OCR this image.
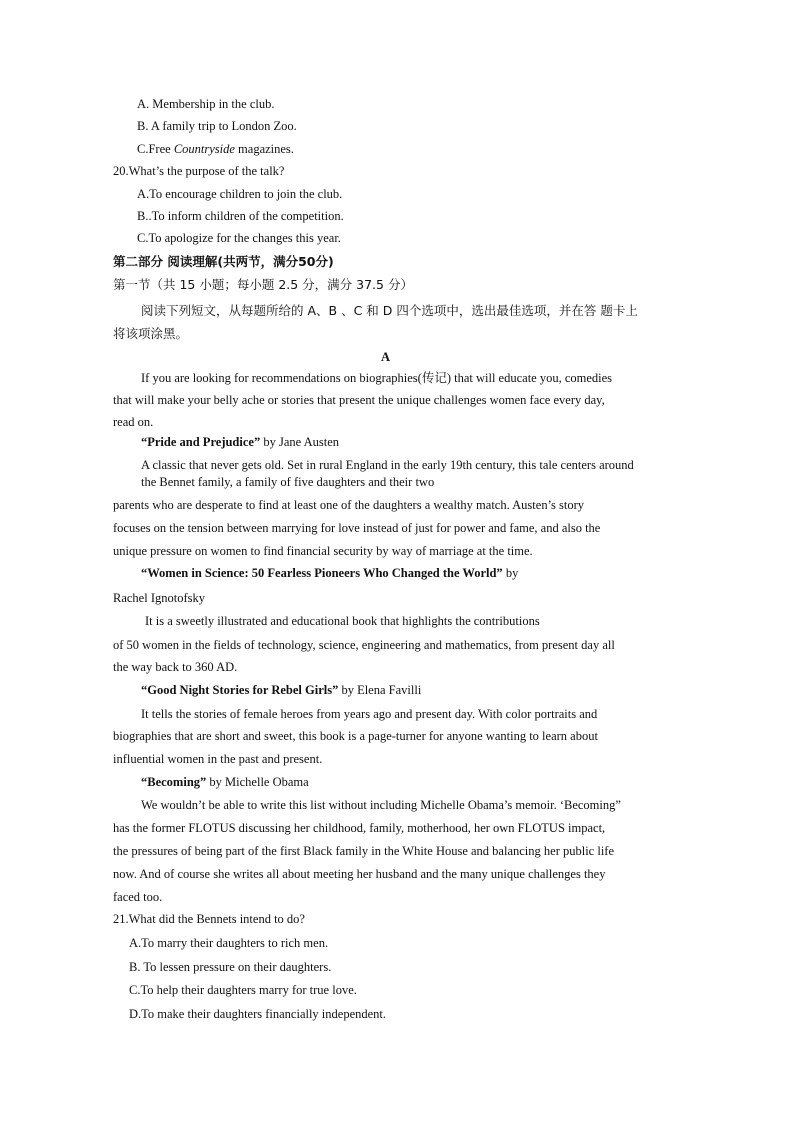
A. Membership in the club.
B. A family trip to London Zoo.
C.Free Countryside magazines.
20.What’s the purpose of the talk?
A.To encourage children to join the club.
B..To inform children of the competition.
C.To apologize for the changes this year.
第二部分 阅读理解(共两节，满分50分)
第一节（共 15 小题；每小题 2.5 分，满分 37.5 分）
阅读下列短文，从每题所给的 A、B 、C 和 D 四个选项中，选出最佳选项，并在答 题卡上
将该项涂黑。
A
If you are looking for recommendations on biographies(传记) that will educate you, comedies
that will make your belly ache or stories that present the unique challenges women face every day,
read on.
“Pride and Prejudice” by Jane Austen
A classic that never gets old. Set in rural England in the early 19th century, this tale centers around
the Bennet family, a family of five daughters and their two
parents who are desperate to find at least one of the daughters a wealthy match. Austen’s story
focuses on the tension between marrying for love instead of just for power and fame, and also the
unique pressure on women to find financial security by way of marriage at the time.
“Women in Science: 50 Fearless Pioneers Who Changed the World” by
Rachel Ignotofsky
It is a sweetly illustrated and educational book that highlights the contributions
of 50 women in the fields of technology, science, engineering and mathematics, from present day all
the way back to 360 AD.
“Good Night Stories for Rebel Girls” by Elena Favilli
It tells the stories of female heroes from years ago and present day. With color portraits and
biographies that are short and sweet, this book is a page-turner for anyone wanting to learn about
influential women in the past and present.
“Becoming” by Michelle Obama
We wouldn’t be able to write this list without including Michelle Obama’s memoir. ‘Becoming”
has the former FLOTUS discussing her childhood, family, motherhood, her own FLOTUS impact,
the pressures of being part of the first Black family in the White House and balancing her public life
now. And of course she writes all about meeting her husband and the many unique challenges they
faced too.
21.What did the Bennets intend to do?
A.To marry their daughters to rich men.
B. To lessen pressure on their daughters.
C.To help their daughters marry for true love.
D.To make their daughters financially independent.
